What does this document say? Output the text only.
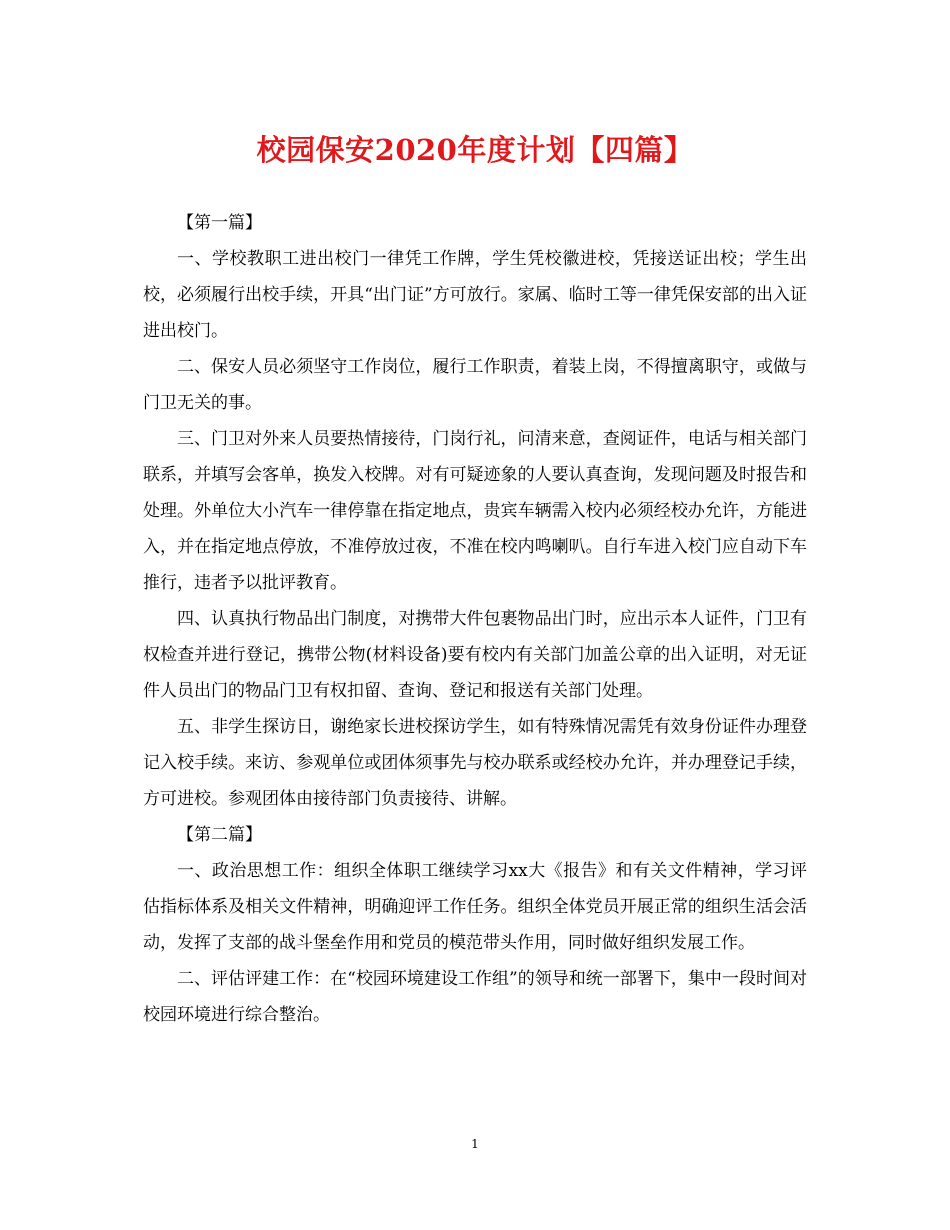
校园保安2020年度计划【四篇】

【第一篇】

一、学校教职工进出校门一律凭工作牌，学生凭校徽进校，凭接送证出校；学生出校，必须履行出校手续，开具“出门证”方可放行。家属、临时工等一律凭保安部的出入证进出校门。

二、保安人员必须坚守工作岗位，履行工作职责，着装上岗，不得擅离职守，或做与门卫无关的事。

三、门卫对外来人员要热情接待，门岗行礼，问清来意，查阅证件，电话与相关部门联系，并填写会客单，换发入校牌。对有可疑迹象的人要认真查询，发现问题及时报告和处理。外单位大小汽车一律停靠在指定地点，贵宾车辆需入校内必须经校办允许，方能进入，并在指定地点停放，不准停放过夜，不准在校内鸣喇叭。自行车进入校门应自动下车推行，违者予以批评教育。

四、认真执行物品出门制度，对携带大件包裹物品出门时，应出示本人证件，门卫有权检查并进行登记，携带公物(材料设备)要有校内有关部门加盖公章的出入证明，对无证件人员出门的物品门卫有权扣留、查询、登记和报送有关部门处理。

五、非学生探访日，谢绝家长进校探访学生，如有特殊情况需凭有效身份证件办理登记入校手续。来访、参观单位或团体须事先与校办联系或经校办允许，并办理登记手续，方可进校。参观团体由接待部门负责接待、讲解。

【第二篇】

一、政治思想工作：组织全体职工继续学习xx大《报告》和有关文件精神，学习评估指标体系及相关文件精神，明确迎评工作任务。组织全体党员开展正常的组织生活会活动，发挥了支部的战斗堡垒作用和党员的模范带头作用，同时做好组织发展工作。

二、评估评建工作：在“校园环境建设工作组”的领导和统一部署下，集中一段时间对校园环境进行综合整治。

1
